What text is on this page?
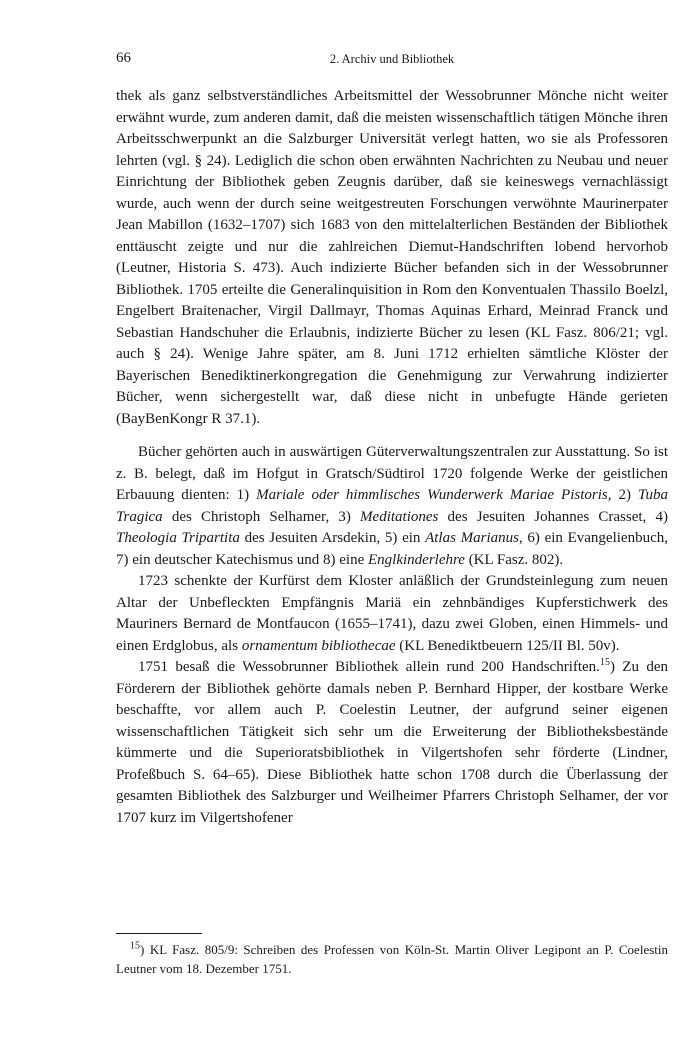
66	2. Archiv und Bibliothek

thek als ganz selbstverständliches Arbeitsmittel der Wessobrunner Mönche nicht weiter erwähnt wurde, zum anderen damit, daß die meisten wissenschaftlich tätigen Mönche ihren Arbeitsschwerpunkt an die Salzburger Universität verlegt hatten, wo sie als Professoren lehrten (vgl. § 24). Lediglich die schon oben erwähnten Nachrichten zu Neubau und neuer Einrichtung der Bibliothek geben Zeugnis darüber, daß sie keineswegs vernachlässigt wurde, auch wenn der durch seine weitgestreuten Forschungen verwöhnte Maurinerpater Jean Mabillon (1632–1707) sich 1683 von den mittelalterlichen Beständen der Bibliothek enttäuscht zeigte und nur die zahlreichen Diemut-Handschriften lobend hervorhob (Leutner, Historia S. 473). Auch indizierte Bücher befanden sich in der Wessobrunner Bibliothek. 1705 erteilte die Generalinquisition in Rom den Konventualen Thassilo Boelzl, Engelbert Braitenacher, Virgil Dallmayr, Thomas Aquinas Erhard, Meinrad Franck und Sebastian Handschuher die Erlaubnis, indizierte Bücher zu lesen (KL Fasz. 806/21; vgl. auch § 24). Wenige Jahre später, am 8. Juni 1712 erhielten sämtliche Klöster der Bayerischen Benediktinerkongregation die Genehmigung zur Verwahrung indizierter Bücher, wenn sichergestellt war, daß diese nicht in unbefugte Hände gerieten (BayBenKongr R 37.1).

Bücher gehörten auch in auswärtigen Güterverwaltungszentralen zur Ausstattung. So ist z. B. belegt, daß im Hofgut in Gratsch/Südtirol 1720 folgende Werke der geistlichen Erbauung dienten: 1) Mariale oder himmlisches Wunderwerk Mariae Pistoris, 2) Tuba Tragica des Christoph Selhamer, 3) Meditationes des Jesuiten Johannes Crasset, 4) Theologia Tripartita des Jesuiten Arsdekin, 5) ein Atlas Marianus, 6) ein Evangelienbuch, 7) ein deutscher Katechismus und 8) eine Englkinderlehre (KL Fasz. 802).

1723 schenkte der Kurfürst dem Kloster anläßlich der Grundsteinlegung zum neuen Altar der Unbefleckten Empfängnis Mariä ein zehnbändiges Kupferstichwerk des Mauriners Bernard de Montfaucon (1655–1741), dazu zwei Globen, einen Himmels- und einen Erdglobus, als ornamentum bibliothecae (KL Benediktbeuern 125/II Bl. 50v).

1751 besaß die Wessobrunner Bibliothek allein rund 200 Handschriften.$^{15}$) Zu den Förderern der Bibliothek gehörte damals neben P. Bernhard Hipper, der kostbare Werke beschaffte, vor allem auch P. Coelestin Leutner, der aufgrund seiner eigenen wissenschaftlichen Tätigkeit sich sehr um die Erweiterung der Bibliotheksbestände kümmerte und die Superioratsbibliothek in Vilgertshofen sehr förderte (Lindner, Profeßbuch S. 64–65). Diese Bibliothek hatte schon 1708 durch die Überlassung der gesamten Bibliothek des Salzburger und Weilheimer Pfarrers Christoph Selhamer, der vor 1707 kurz im Vilgertshofener

$^{15}$) KL Fasz. 805/9: Schreiben des Professen von Köln-St. Martin Oliver Legipont an P. Coelestin Leutner vom 18. Dezember 1751.
